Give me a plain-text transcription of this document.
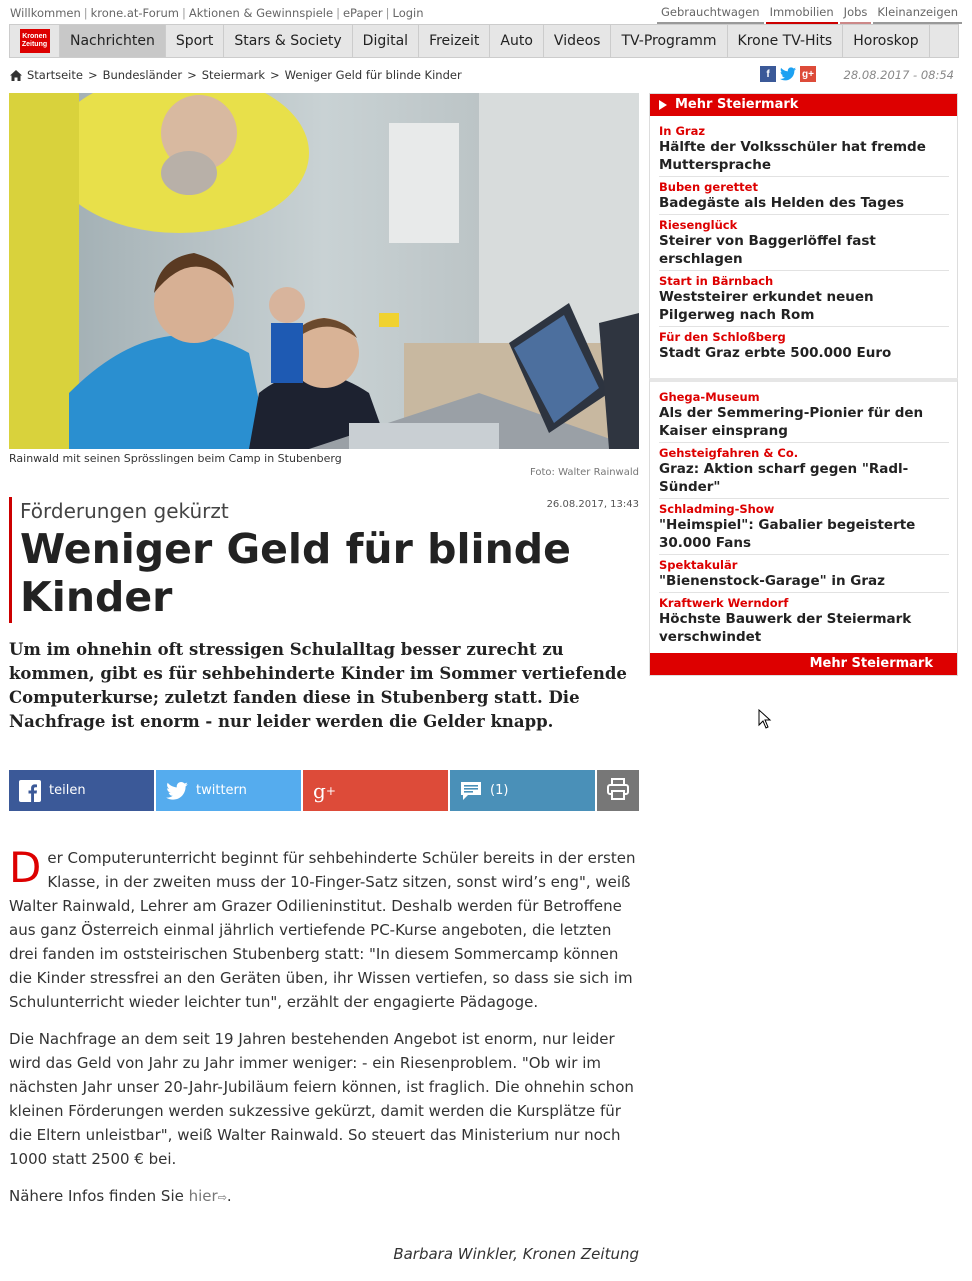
Willkommen | krone.at-Forum | Aktionen & Gewinnspiele | ePaper | Login	Gebrauchtwagen Immobilien Jobs Kleinanzeigen
Kronen Zeitung	Nachrichten	Sport	Stars & Society	Digital	Freizeit	Auto	Videos	TV-Programm	Krone TV-Hits	Horoskop
Startseite > Bundesländer > Steiermark > Weniger Geld für blinde Kinder	f	g+	28.08.2017 - 08:54
Rainwald mit seinen Sprösslingen beim Camp in Stubenberg
Foto: Walter Rainwald
Förderungen gekürzt	26.08.2017, 13:43
Weniger Geld für blinde Kinder
Um im ohnehin oft stressigen Schulalltag besser zurecht zu kommen, gibt es für sehbehinderte Kinder im Sommer vertiefende Computerkurse; zuletzt fanden diese in Stubenberg statt. Die Nachfrage ist enorm - nur leider werden die Gelder knapp.
teilen	twittern	g +	(1)

Der Computerunterricht beginnt für sehbehinderte Schüler bereits in der ersten Klasse, in der zweiten muss der 10-Finger-Satz sitzen, sonst wird’s eng", weiß Walter Rainwald, Lehrer am Grazer Odilieninstitut. Deshalb werden für Betroffene aus ganz Österreich einmal jährlich vertiefende PC-Kurse angeboten, die letzten drei fanden im oststeirischen Stubenberg statt: "In diesem Sommercamp können die Kinder stressfrei an den Geräten üben, ihr Wissen vertiefen, so dass sie sich im Schulunterricht wieder leichter tun", erzählt der engagierte Pädagoge.

Die Nachfrage an dem seit 19 Jahren bestehenden Angebot ist enorm, nur leider wird das Geld von Jahr zu Jahr immer weniger: - ein Riesenproblem. "Ob wir im nächsten Jahr unser 20-Jahr-Jubiläum feiern können, ist fraglich. Die ohnehin schon kleinen Förderungen werden sukzessive gekürzt, damit werden die Kursplätze für die Eltern unleistbar", weiß Walter Rainwald. So steuert das Ministerium nur noch 1000 statt 2500 € bei.

Nähere Infos finden Sie hier⇨.

Barbara Winkler, Kronen Zeitung
Mehr Steiermark
In Graz
Hälfte der Volksschüler hat fremde Muttersprache
Buben gerettet
Badegäste als Helden des Tages
Riesenglück
Steirer von Baggerlöffel fast erschlagen
Start in Bärnbach
Weststeirer erkundet neuen Pilgerweg nach Rom
Für den Schloßberg
Stadt Graz erbte 500.000 Euro
Ghega-Museum
Als der Semmering-Pionier für den Kaiser einsprang
Gehsteigfahren & Co.
Graz: Aktion scharf gegen "Radl-Sünder"
Schladming-Show
"Heimspiel": Gabalier begeisterte 30.000 Fans
Spektakulär
"Bienenstock-Garage" in Graz
Kraftwerk Werndorf
Höchste Bauwerk der Steiermark verschwindet
Mehr Steiermark
